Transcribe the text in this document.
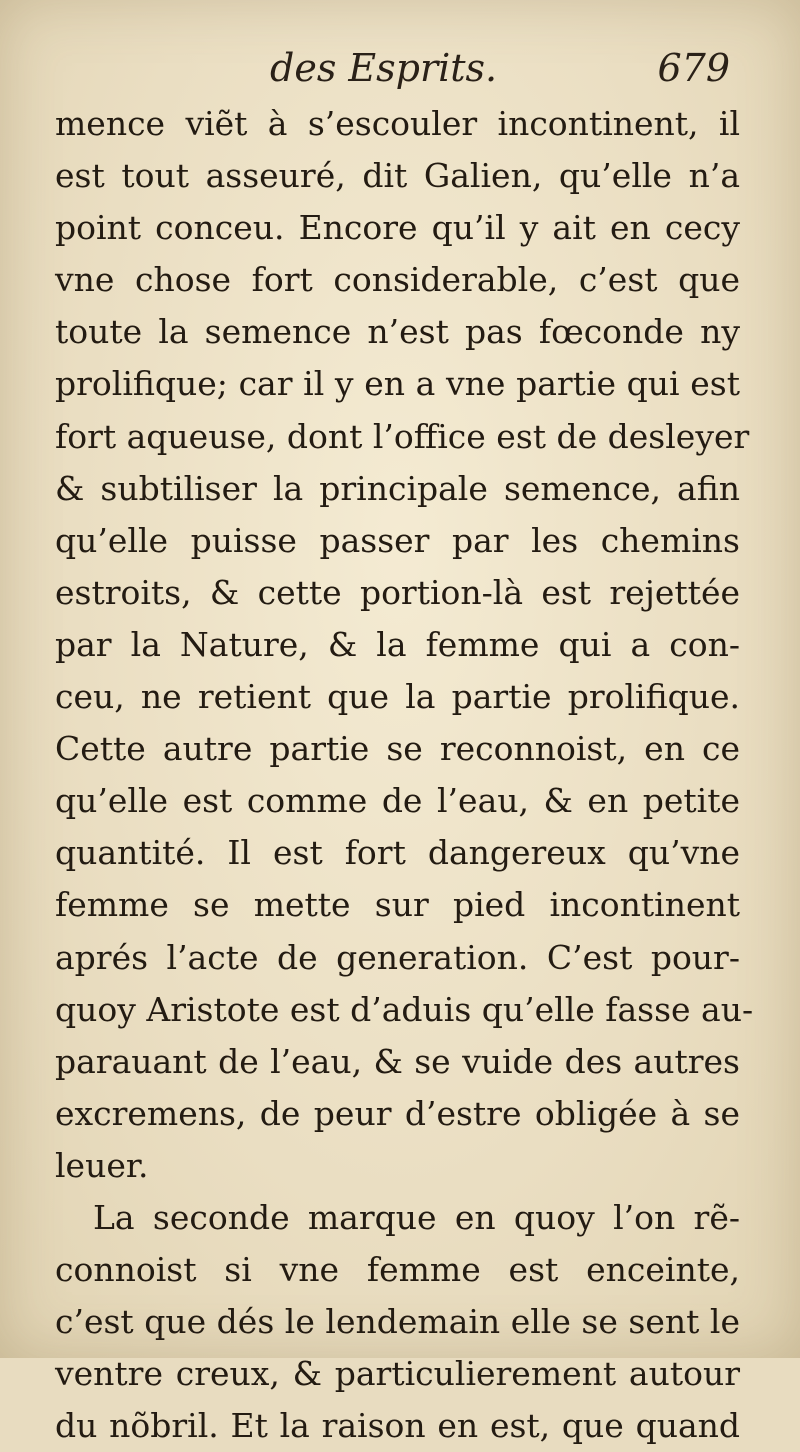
des Esprits.	679
mence viẽt à s’escouler incontinent, il
est tout asseuré, dit Galien, qu’elle n’a
point conceu. Encore qu’il y ait en cecy
vne chose fort considerable, c’est que
toute la semence n’est pas fœconde ny
prolifique; car il y en a vne partie qui est
fort aqueuse, dont l’office est de desleyer
& subtiliser la principale semence, afin
qu’elle puisse passer par les chemins
estroits, & cette portion-là est rejettée
par la Nature, & la femme qui a con-
ceu, ne retient que la partie prolifique.
Cette autre partie se reconnoist, en ce
qu’elle est comme de l’eau, & en petite
quantité. Il est fort dangereux qu’vne
femme se mette sur pied incontinent
aprés l’acte de generation. C’est pour-
quoy Aristote est d’aduis qu’elle fasse au-
parauant de l’eau, & se vuide des autres
excremens, de peur d’estre obligée à se
leuer.
La seconde marque en quoy l’on rẽ-
connoist si vne femme est enceinte,
c’est que dés le lendemain elle se sent le
ventre creux, & particulierement autour
du nõbril. Et la raison en est, que quand
